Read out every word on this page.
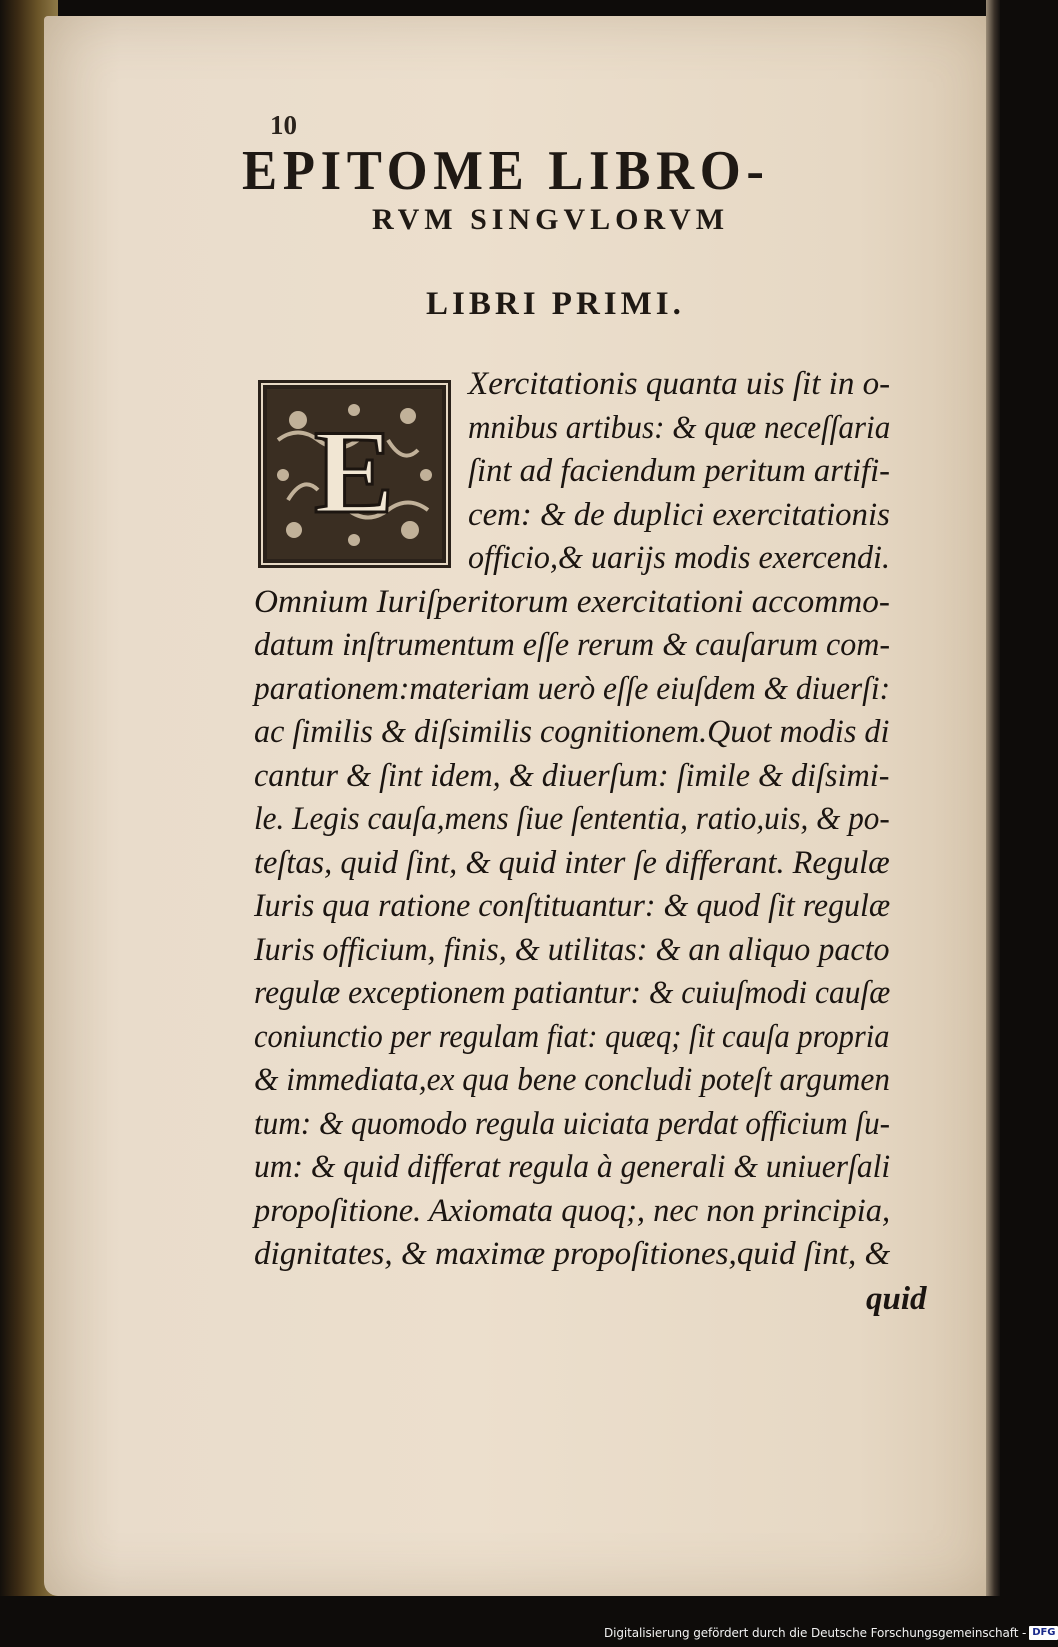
10
EPITOME LIBRO-
RVM SINGVLORVM
LIBRI PRIMI.
E
Xercitationis quanta uis ſit in o-
mnibus artibus: & quæ neceſſaria
ſint ad faciendum peritum artifi-
cem: & de duplici exercitationis
officio,& uarijs modis exercendi.
Omnium Iuriſperitorum exercitationi accommo-
datum inſtrumentum eſſe rerum & cauſarum com-
parationem:materiam uerò eſſe eiuſdem & diuerſi:
ac ſimilis & diſsimilis cognitionem.Quot modis di
cantur & ſint idem, & diuerſum: ſimile & diſsimi-
le. Legis cauſa,mens ſiue ſententia, ratio,uis, & po-
teſtas, quid ſint, & quid inter ſe differant. Regulæ
Iuris qua ratione conſtituantur: & quod ſit regulæ
Iuris officium, finis, & utilitas: & an aliquo pacto
regulæ exceptionem patiantur: & cuiuſmodi cauſæ
coniunctio per regulam fiat: quæq; ſit cauſa propria
& immediata,ex qua bene concludi poteſt argumen
tum: & quomodo regula uiciata perdat officium ſu-
um: & quid differat regula à generali & uniuerſali
propoſitione. Axiomata quoq;, nec non principia,
dignitates, & maximæ propoſitiones,quid ſint, &
quid
Digitalisierung gefördert durch die Deutsche Forschungsgemeinschaft - DFG
